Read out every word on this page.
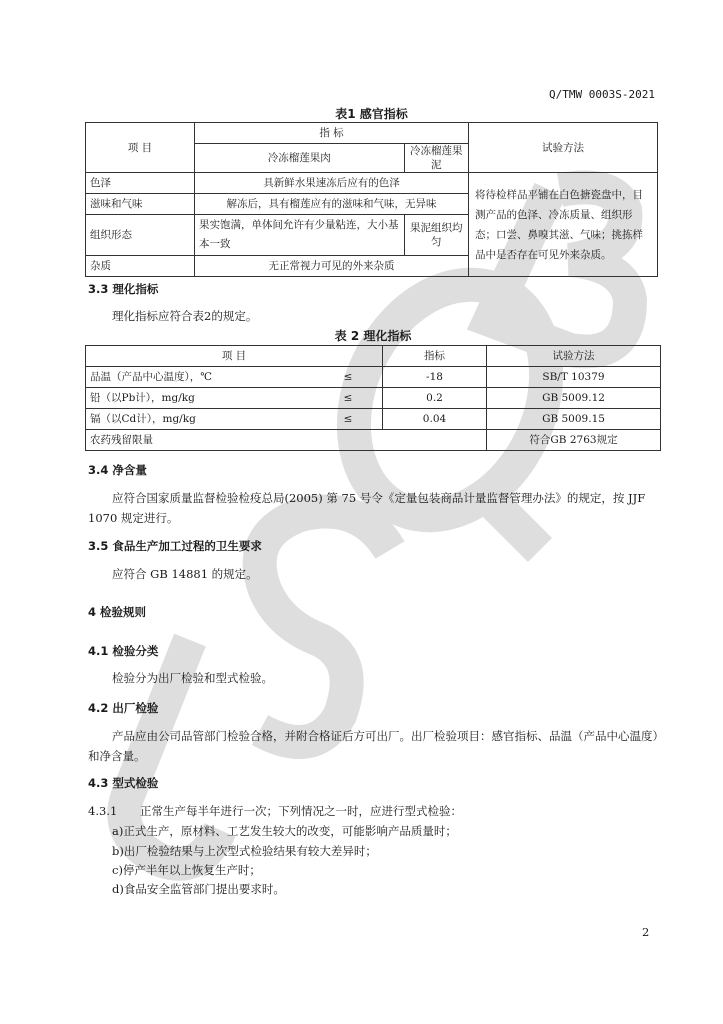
Q/TMW 0003S-2021
表1 感官指标
项 目	指 标		试验方法
	冷冻榴莲果肉	冷冻榴莲果泥	
色泽	具新鲜水果速冻后应有的色泽		将待检样品平铺在白色搪瓷盘中，目测产品的色泽、冷冻质量、组织形态；口尝、鼻嗅其滋、气味；挑拣样品中是否存在可见外来杂质。
滋味和气味	解冻后，具有榴莲应有的滋味和气味，无异味		
组织形态	果实饱满，单体间允许有少量粘连，大小基本一致	果泥组织均匀	
杂质	无正常视力可见的外来杂质		
3.3 理化指标
理化指标应符合表2的规定。
表 2 理化指标
项 目		指标	试验方法
品温（产品中心温度），℃	≤	-18	SB/T 10379
铅（以Pb计），mg/kg	≤	0.2	GB 5009.12
镉（以Cd计），mg/kg	≤	0.04	GB 5009.15
农药残留限量			符合GB 2763规定
3.4 净含量
应符合国家质量监督检验检疫总局(2005) 第 75 号令《定量包装商品计量监督管理办法》的规定，按 JJF 1070 规定进行。
3.5 食品生产加工过程的卫生要求
应符合 GB 14881 的规定。
4 检验规则
4.1 检验分类
检验分为出厂检验和型式检验。
4.2 出厂检验
产品应由公司品管部门检验合格，并附合格证后方可出厂。出厂检验项目：感官指标、品温（产品中心温度）和净含量。
4.3 型式检验
4.3.1 正常生产每半年进行一次；下列情况之一时，应进行型式检验：
a)正式生产，原材料、工艺发生较大的改变，可能影响产品质量时；
b)出厂检验结果与上次型式检验结果有较大差异时；
c)停产半年以上恢复生产时；
d)食品安全监管部门提出要求时。
2
